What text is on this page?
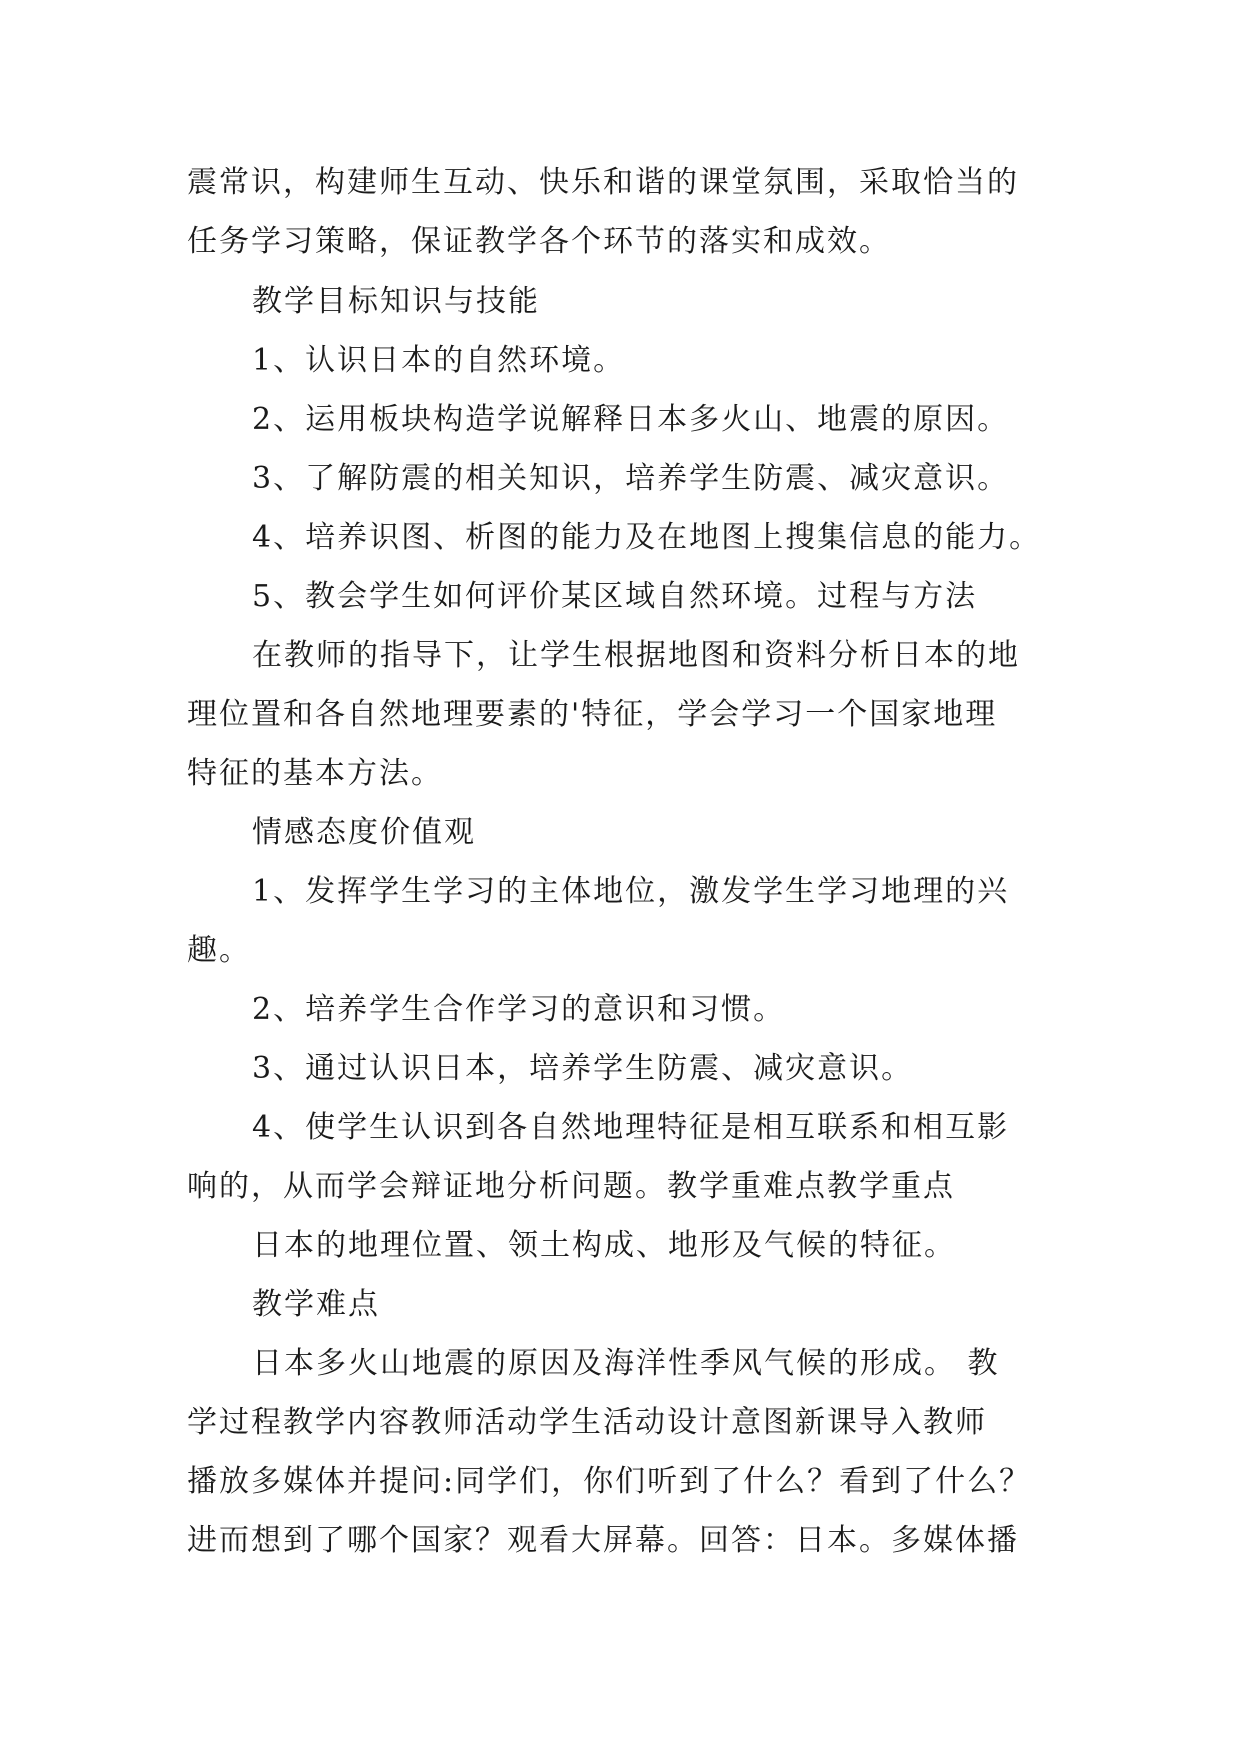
震常识，构建师生互动、快乐和谐的课堂氛围，采取恰当的
任务学习策略，保证教学各个环节的落实和成效。
教学目标知识与技能
1、认识日本的自然环境。
2、运用板块构造学说解释日本多火山、地震的原因。
3、了解防震的相关知识，培养学生防震、减灾意识。
4、培养识图、析图的能力及在地图上搜集信息的能力。
5、教会学生如何评价某区域自然环境。过程与方法
在教师的指导下，让学生根据地图和资料分析日本的地
理位置和各自然地理要素的'特征，学会学习一个国家地理
特征的基本方法。
情感态度价值观
1、发挥学生学习的主体地位，激发学生学习地理的兴
趣。
2、培养学生合作学习的意识和习惯。
3、通过认识日本，培养学生防震、减灾意识。
4、使学生认识到各自然地理特征是相互联系和相互影
响的，从而学会辩证地分析问题。教学重难点教学重点
日本的地理位置、领土构成、地形及气候的特征。
教学难点
日本多火山地震的原因及海洋性季风气候的形成。 教
学过程教学内容教师活动学生活动设计意图新课导入教师
播放多媒体并提问:同学们，你们听到了什么？看到了什么？
进而想到了哪个国家？观看大屏幕。回答：日本。多媒体播
